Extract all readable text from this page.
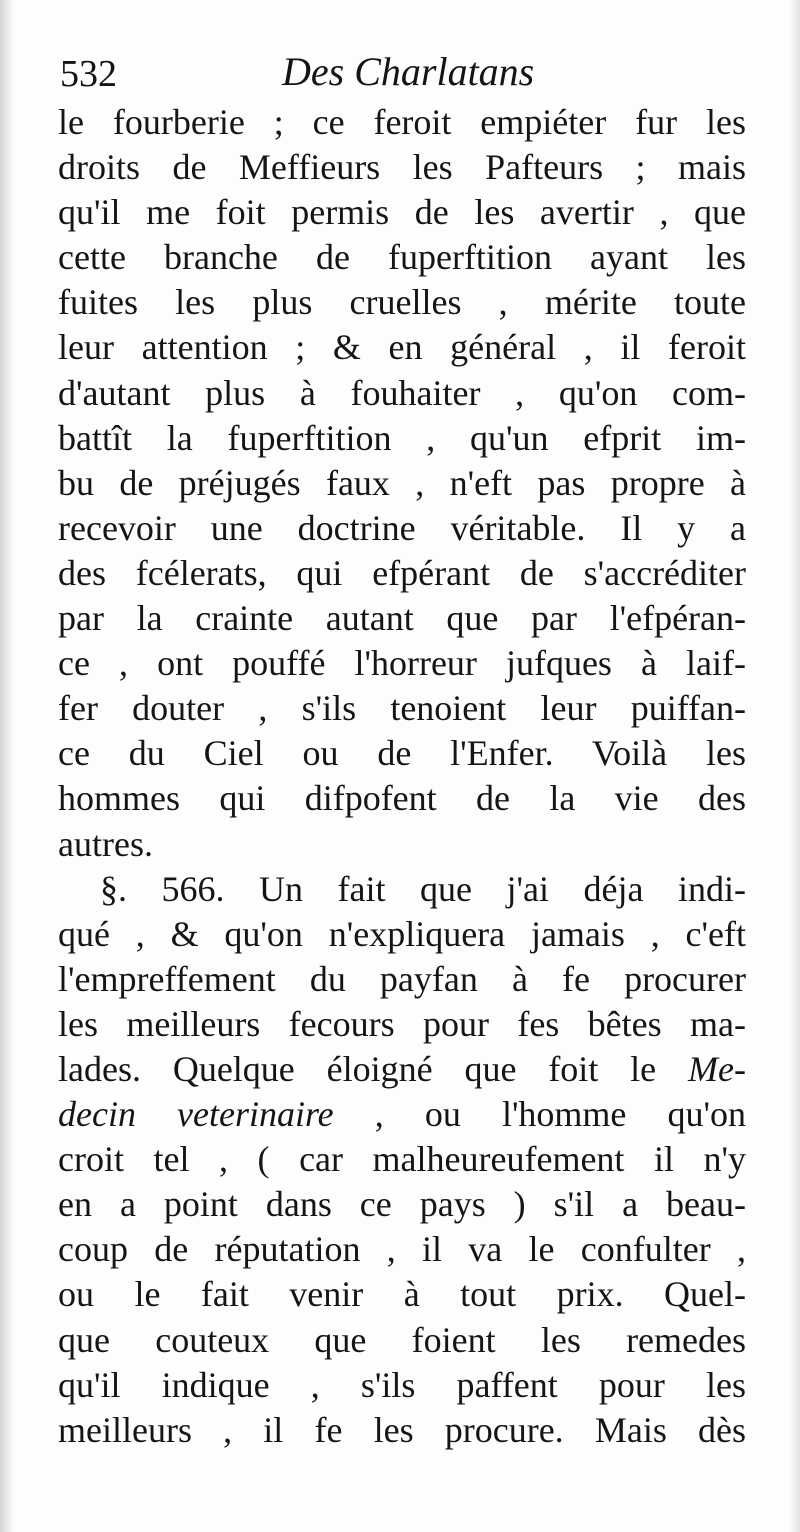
532	Des Charlatans
le fourberie ; ce feroit empiéter fur les
droits de Meffieurs les Pafteurs ; mais
qu'il me foit permis de les avertir , que
cette branche de fuperftition ayant les
fuites les plus cruelles , mérite toute
leur attention ; & en général , il feroit
d'autant plus à fouhaiter , qu'on com-
battît la fuperftition , qu'un efprit im-
bu de préjugés faux , n'eft pas propre à
recevoir une doctrine véritable. Il y a
des fcélerats, qui efpérant de s'accréditer
par la crainte autant que par l'efpéran-
ce , ont pouffé l'horreur jufques à laif-
fer douter , s'ils tenoient leur puiffan-
ce du Ciel ou de l'Enfer. Voilà les
hommes qui difpofent de la vie des
autres.
§. 566. Un fait que j'ai déja indi-
qué , & qu'on n'expliquera jamais , c'eft
l'empreffement du payfan à fe procurer
les meilleurs fecours pour fes bêtes ma-
lades. Quelque éloigné que foit le Me-
decin veterinaire , ou l'homme qu'on
croit tel , ( car malheureufement il n'y
en a point dans ce pays ) s'il a beau-
coup de réputation , il va le confulter ,
ou le fait venir à tout prix. Quel-
que couteux que foient les remedes
qu'il indique , s'ils paffent pour les
meilleurs , il fe les procure. Mais dès
